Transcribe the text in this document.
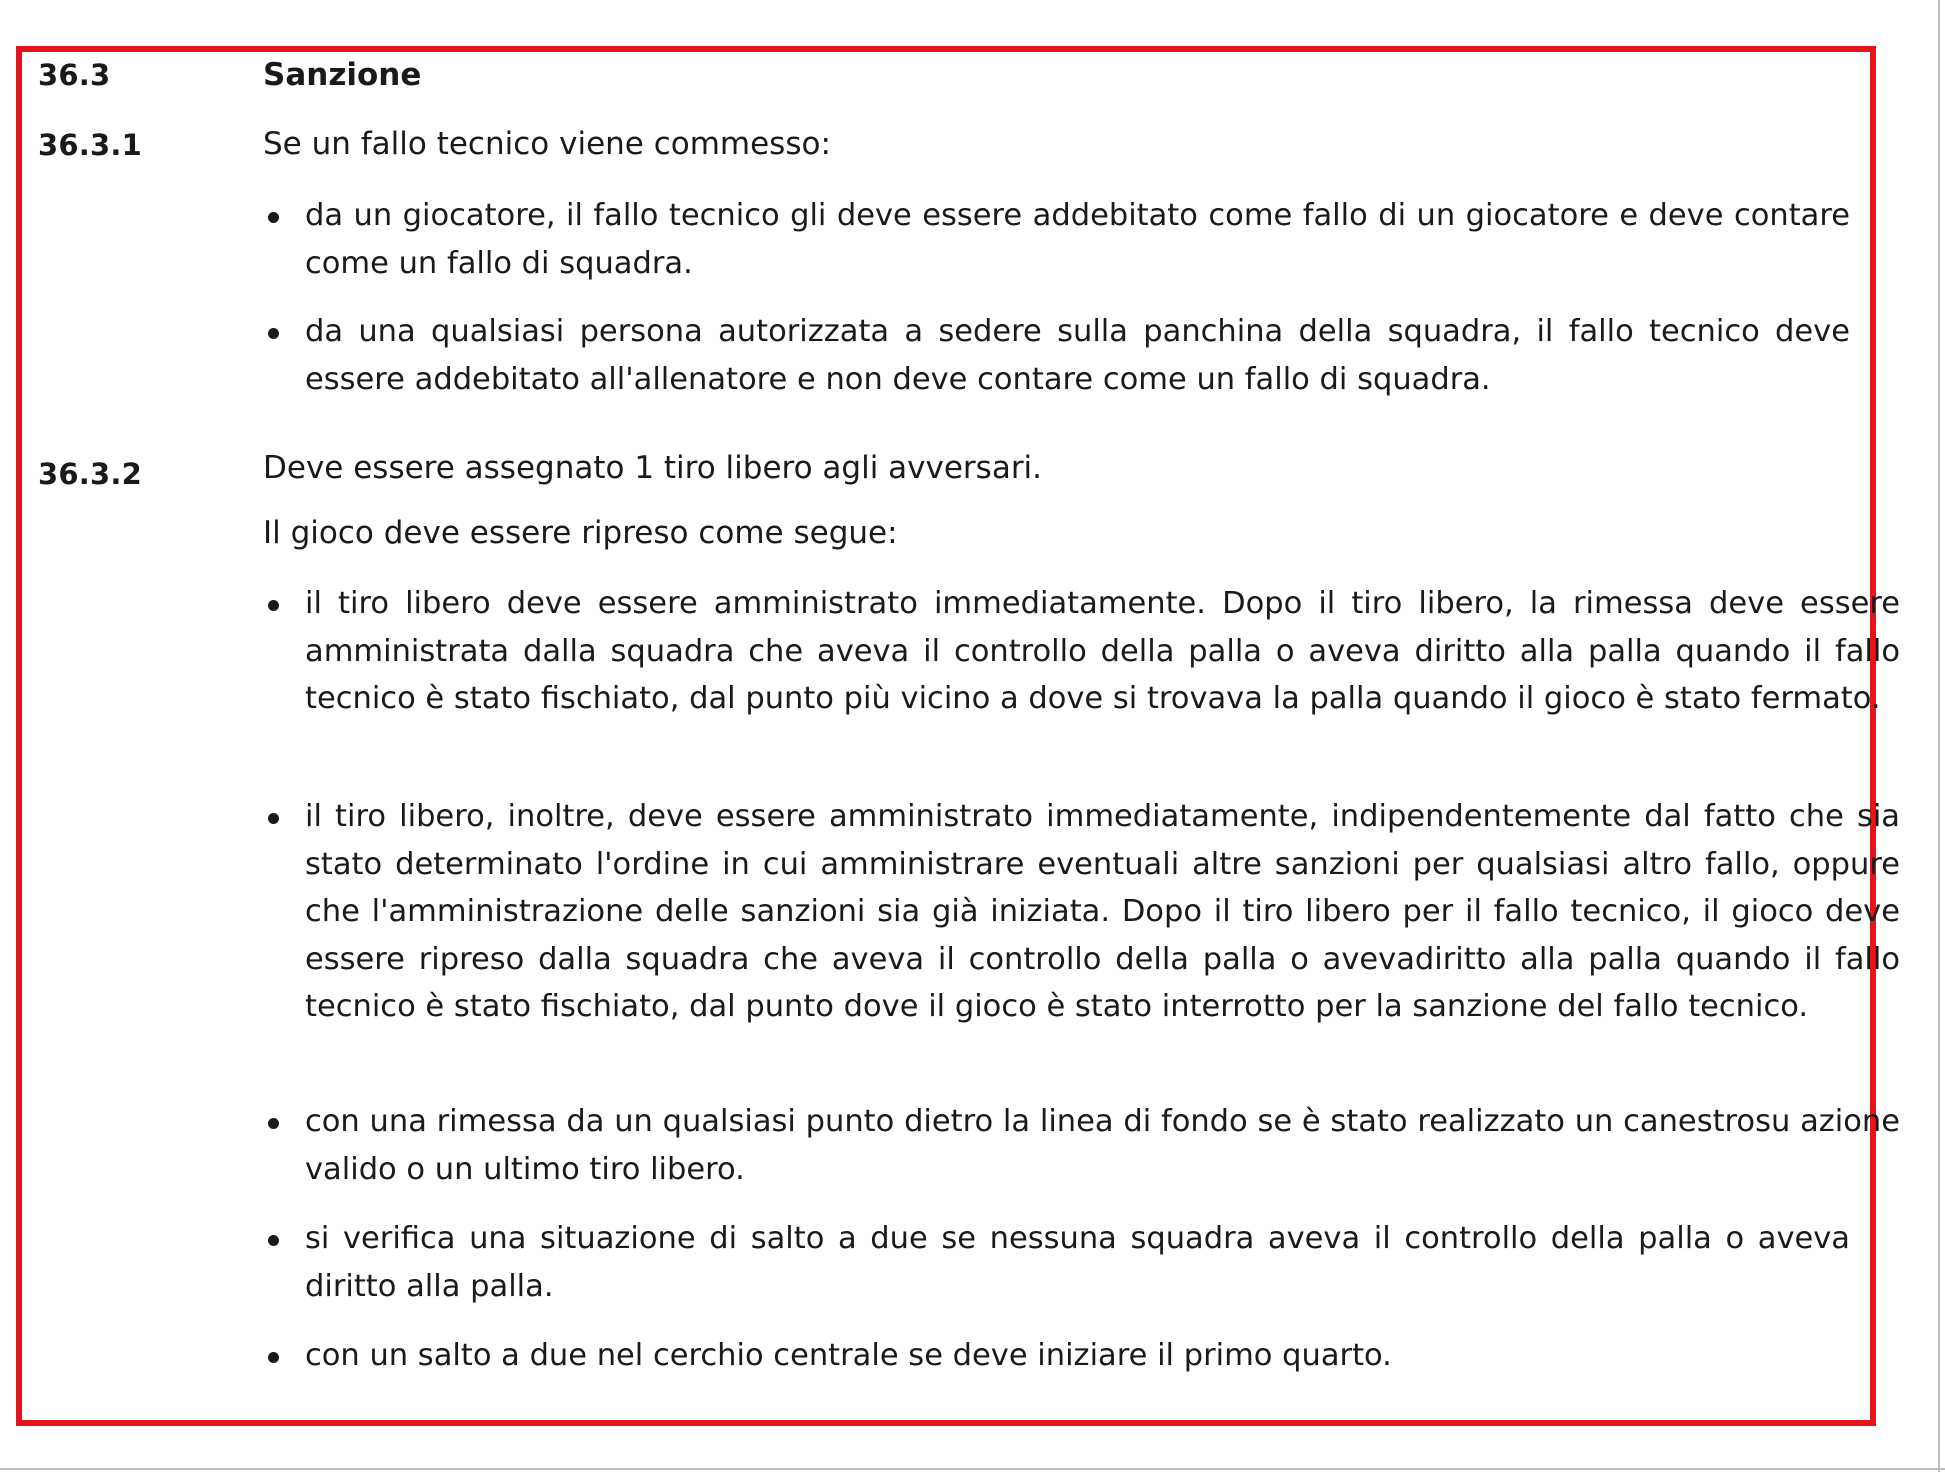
36.3	Sanzione
36.3.1	Se un fallo tecnico viene commesso:
da un giocatore, il fallo tecnico gli deve essere addebitato come fallo di un giocatore e deve contare come un fallo di squadra.
da una qualsiasi persona autorizzata a sedere sulla panchina della squadra, il fallo tecnico deve essere addebitato all'allenatore e non deve contare come un fallo di squadra.
36.3.2	Deve essere assegnato 1 tiro libero agli avversari.
Il gioco deve essere ripreso come segue:
il tiro libero deve essere amministrato immediatamente. Dopo il tiro libero, la rimessa deve essere amministrata dalla squadra che aveva il controllo della palla o aveva diritto alla palla quando il fallo tecnico è stato fischiato, dal punto più vicino a dove si trovava la palla quando il gioco è stato fermato.
il tiro libero, inoltre, deve essere amministrato immediatamente, indipendentemente dal fatto che sia stato determinato l'ordine in cui amministrare eventuali altre sanzioni per qualsiasi altro fallo, oppure che l'amministrazione delle sanzioni sia già iniziata. Dopo il tiro libero per il fallo tecnico, il gioco deve essere ripreso dalla squadra che aveva il controllo della palla o avevadiritto alla palla quando il fallo tecnico è stato fischiato, dal punto dove il gioco è stato interrotto per la sanzione del fallo tecnico.
con una rimessa da un qualsiasi punto dietro la linea di fondo se è stato realizzato un canestrosu azione valido o un ultimo tiro libero.
si verifica una situazione di salto a due se nessuna squadra aveva il controllo della palla o aveva diritto alla palla.
con un salto a due nel cerchio centrale se deve iniziare il primo quarto.
